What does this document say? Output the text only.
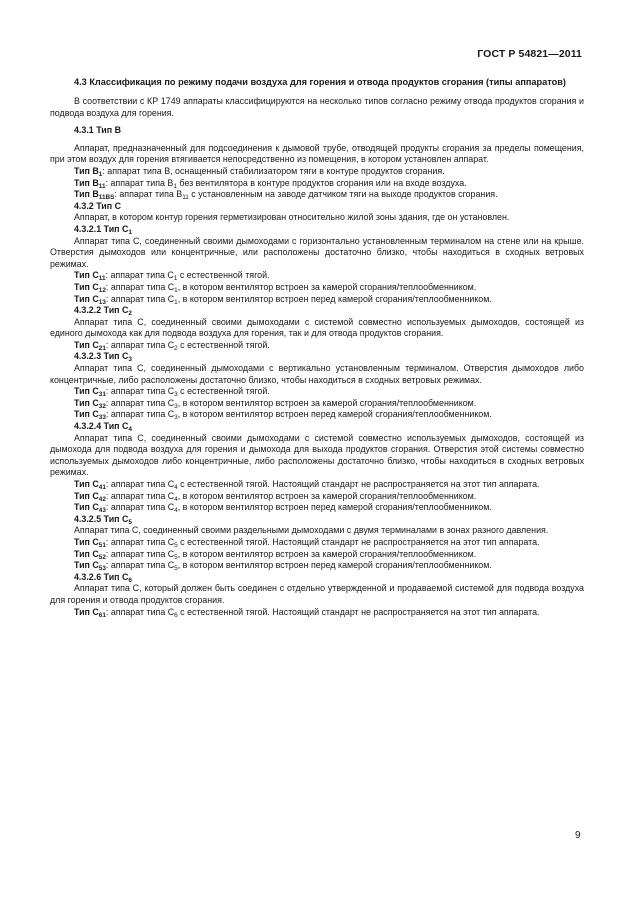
ГОСТ Р 54821—2011

4.3 Классификация по режиму подачи воздуха для горения и отвода продуктов сгорания (типы аппаратов)

В соответствии с КР 1749 аппараты классифицируются на несколько типов согласно режиму отвода продуктов сгорания и подвода воздуха для горения.

4.3.1 Тип В

Аппарат, предназначенный для подсоединения к дымовой трубе, отводящей продукты сгорания за пределы помещения, при этом воздух для горения втягивается непосредственно из помещения, в котором установлен аппарат.

Тип $В_1$: аппарат типа В, оснащенный стабилизатором тяги в контуре продуктов сгорания.

Тип $В_{11}$: аппарат типа $В_1$ без вентилятора в контуре продуктов сгорания или на входе воздуха.

Тип $В_{11BS}$: аппарат типа $В_{11}$ с установленным на заводе датчиком тяги на выходе продуктов сгорания.

4.3.2 Тип С

Аппарат, в котором контур горения герметизирован относительно жилой зоны здания, где он установлен.

4.3.2.1 Тип $С_1$

Аппарат типа С, соединенный своими дымоходами с горизонтально установленным терминалом на стене или на крыше. Отверстия дымоходов или концентричные, или расположены достаточно близко, чтобы находиться в сходных ветровых режимах.

Тип $С_{11}$: аппарат типа $С_1$ с естественной тягой.

Тип $С_{12}$: аппарат типа $С_1$, в котором вентилятор встроен за камерой сгорания/теплообменником.

Тип $С_{13}$: аппарат типа $С_1$, в котором вентилятор встроен перед камерой сгорания/теплообменником.

4.3.2.2 Тип $С_2$

Аппарат типа С, соединенный своими дымоходами с системой совместно используемых дымоходов, состоящей из единого дымохода как для подвода воздуха для горения, так и для отвода продуктов сгорания.

Тип $С_{21}$: аппарат типа $С_2$ с естественной тягой.

4.3.2.3 Тип $С_3$

Аппарат типа С, соединенный дымоходами с вертикально установленным терминалом. Отверстия дымоходов либо концентричные, либо расположены достаточно близко, чтобы находиться в сходных ветровых режимах.

Тип $С_{31}$: аппарат типа $С_3$ с естественной тягой.

Тип $С_{32}$: аппарат типа $С_3$, в котором вентилятор встроен за камерой сгорания/теплообменником.

Тип $С_{33}$: аппарат типа $С_3$, в котором вентилятор встроен перед камерой сгорания/теплообменником.

4.3.2.4 Тип $С_4$

Аппарат типа С, соединенный своими дымоходами с системой совместно используемых дымоходов, состоящей из дымохода для подвода воздуха для горения и дымохода для выхода продуктов сгорания. Отверстия этой системы совместно используемых дымоходов либо концентричные, либо расположены достаточно близко, чтобы находиться в сходных ветровых режимах.

Тип $С_{41}$: аппарат типа $С_4$ с естественной тягой. Настоящий стандарт не распространяется на этот тип аппарата.

Тип $С_{42}$: аппарат типа $С_4$, в котором вентилятор встроен за камерой сгорания/теплообменником.

Тип $С_{43}$: аппарат типа $С_4$, в котором вентилятор встроен перед камерой сгорания/теплообменником.

4.3.2.5 Тип $С_5$

Аппарат типа С, соединенный своими раздельными дымоходами с двумя терминалами в зонах разного давления.

Тип $С_{51}$: аппарат типа $С_5$ с естественной тягой. Настоящий стандарт не распространяется на этот тип аппарата.

Тип $С_{52}$: аппарат типа $С_5$, в котором вентилятор встроен за камерой сгорания/теплообменником.

Тип $С_{53}$: аппарат типа $С_5$, в котором вентилятор встроен перед камерой сгорания/теплообменником.

4.3.2.6 Тип $С_6$

Аппарат типа С, который должен быть соединен с отдельно утвержденной и продаваемой системой для подвода воздуха для горения и отвода продуктов сгорания.

Тип $С_{61}$: аппарат типа $С_6$ с естественной тягой. Настоящий стандарт не распространяется на этот тип аппарата.

9
